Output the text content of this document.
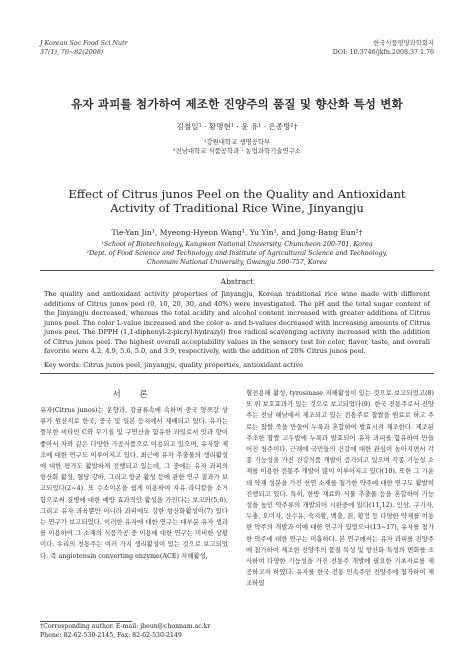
J Korean Soc Food Sci Nutr
37(1), 76~82(2008)
한국식품영양과학회지
DOI: 10.3746/jkfn.2008.37.1.76
유자 과피를 첨가하여 제조한 진양주의 품질 및 향산화 특성 변화
김철일¹ · 황명현¹ · 윤 유¹ · 은종방²†
¹강원대학교 생명공학부
²전남대학교 식품공학과 · 농업과학기술연구소
Effect of Citrus junos Peel on the Quality and Antioxidant
Activity of Traditional Rice Wine, Jinyangju
Tie-Yan Jin¹, Myeong-Hyeon Wang¹, Yu Yin¹, and Jong-Bang Eun²†
¹School of Biotechnology, Kangwon National University, Chuncheon 200-701, Korea
²Dept. of Food Science and Technology and Institute of Agricultural Science and Technology,
Chonnam National University, Gwangju 500-757, Korea
Abstract
The quality and antioxidant activity properties of Jinyangju, Korean traditional rice wine made with different additions of Citrus junos peel (0, 10, 20, 30, and 40%) were investigated. The pH and the total sugar content of the Jinyangju decreased, whereas the total acidity and alcohol content increased with greater additions of Citrus junos peel. The color L-value increased and the color a- and b-values decreased with increasing amounts of Citrus junos peel. The DPPH (1,1-diphenyl-2-picryl-hydrazyl) free radical scavenging activity increased with the addition of Citrus junos peel. The highest overall acceptability values in the sensory test for color, flavor, taste, and overall favorite were 4.2, 4.9, 5.6, 5.0, and 3.9, respectively, with the addition of 20% Citrus junos peel.
Key words: Citrus junos peel, jinyangju, quality properties, antioxidant active
서 론
유자(Citrus junos)는 운향과, 감귤류속에 속하며 중국 양쯔강 상류가 원산지로 한국, 중국 및 일본 등지에서 재배되고 있다. 유자는 풍부한 비타민 C와 무기질 및 구연산을 함유한 과일로서 맛과 향이 좋아서 차와 같은 다양한 가공식품으로 이용되고 있으며, 유자향 제조에 대한 연구도 이루어지고 있다. 최근에 유자 추출물의 생리활성에 대한 평가도 활발하게 진행되고 있는데, 그 중에는 유자 과피의 항산화 활성, 혈당 강하, 그리고 항균 활성 등에 관한 연구 결과가 보고되었다(2~4). 또 수소이온을 쉽게 이용하여 자유 라디칼을 소거함으로써 질병에 대한 예방 효과적인 활성을 가진다는 보고와(5,6), 그리고 유자 과육뿐만 아니라 과피에도 강한 항산화활성이(7) 있다는 연구가 보고되었다. 이러한 유자에 대한 연구는 대부분 유자 생과를 이용하여 그 소재의 식품가공 중 이용에 대한 연구는 미비한 상황이다. 우리의 전통주는 여러 가지 생리활성이 있는 것으로 보고되었다. 즉 angiotensin converting enzyme(ACE) 저해활성,
혈전용해 활성, tyrosinase 저해활성이 있는 것으로 보고되었고(8) 또 위 보호효과가 있는 것으로 보고되었다(9). 한국 전통주로서 진양주는 전남 해남에서 제조되고 있는 전통주로 찹쌀을 원료로 하고 주로는 찹쌀 죽을 만들어 누룩과 혼합하여 발효시켜 제조한다. 제조된 주조한 찹쌀 고두밥에 누룩과 발효되어 유자 과피를 함유하여 만들어진 청주이다. 근래에 국민들의 건강에 대한 관심이 높아지면서 각종 기능성을 가진 건강식품 개발이 증가되고 있으며 각종 기능성 소재를 이용한 전통주 개발이 많이 이루어지고 있다(10). 또한 그 가운데 약재 성분을 가진 천연 소재를 첨가한 약주에 대한 연구도 활발히 진행되고 있다. 특히, 한방 재료와 식물 추출물 등을 혼합하여 기능성을 높인 약주류의 개발되어 시판중에 있다(11,12). 인삼, 구기자, 두충, 오미자, 산수유, 숙지황, 백출, 칡, 황정 등 다양한 약재를 이용한 약주의 개발과 이에 대한 연구가 있었으나(13~17), 유자를 첨가한 약주에 대한 연구는 미흡하다. 본 연구에서는 유자 과피를 진양주에 첨가하여 제조한 진양주의 품질 특성 및 항산화 특성의 변화를 조사하여 다양한 기능성을 가진 전통주 개발에 필요한 기초자료를 제공하고자 하였다. 유자를 한국 전통 민속주인 진양주에 첨가하여 제조하였
†Corresponding author. E-mail: jbeun@chonnam.ac.kr
Phone: 82-62-530-2145, Fax: 82-62-530-2149
